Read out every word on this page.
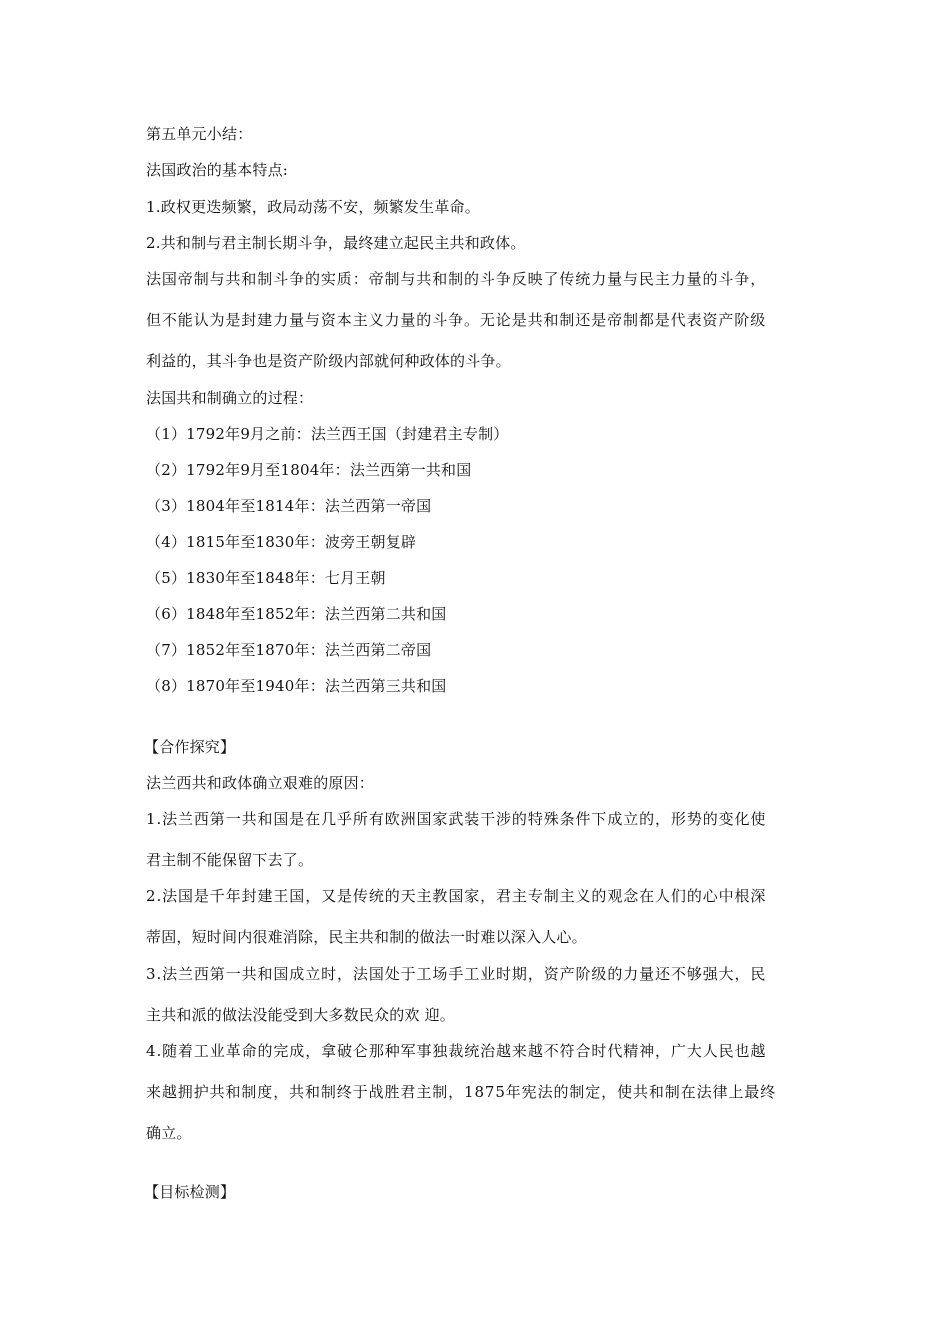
第五单元小结：
法国政治的基本特点:
1.政权更迭频繁，政局动荡不安，频繁发生革命。
2.共和制与君主制长期斗争，最终建立起民主共和政体。
法国帝制与共和制斗争的实质：帝制与共和制的斗争反映了传统力量与民主力量的斗争，
但不能认为是封建力量与资本主义力量的斗争。无论是共和制还是帝制都是代表资产阶级
利益的，其斗争也是资产阶级内部就何种政体的斗争。
法国共和制确立的过程：
（1）1792年9月之前：法兰西王国（封建君主专制）
（2）1792年9月至1804年：法兰西第一共和国
（3）1804年至1814年：法兰西第一帝国
（4）1815年至1830年：波旁王朝复辟
（5）1830年至1848年：七月王朝
（6）1848年至1852年：法兰西第二共和国
（7）1852年至1870年：法兰西第二帝国
（8）1870年至1940年：法兰西第三共和国
【合作探究】
法兰西共和政体确立艰难的原因：
1.法兰西第一共和国是在几乎所有欧洲国家武装干涉的特殊条件下成立的，形势的变化使
君主制不能保留下去了。
2.法国是千年封建王国，又是传统的天主教国家，君主专制主义的观念在人们的心中根深
蒂固，短时间内很难消除，民主共和制的做法一时难以深入人心。
3.法兰西第一共和国成立时，法国处于工场手工业时期，资产阶级的力量还不够强大，民
主共和派的做法没能受到大多数民众的欢 迎。
4.随着工业革命的完成，拿破仑那种军事独裁统治越来越不符合时代精神，广大人民也越
来越拥护共和制度，共和制终于战胜君主制，1875年宪法的制定，使共和制在法律上最终
确立。
【目标检测】
